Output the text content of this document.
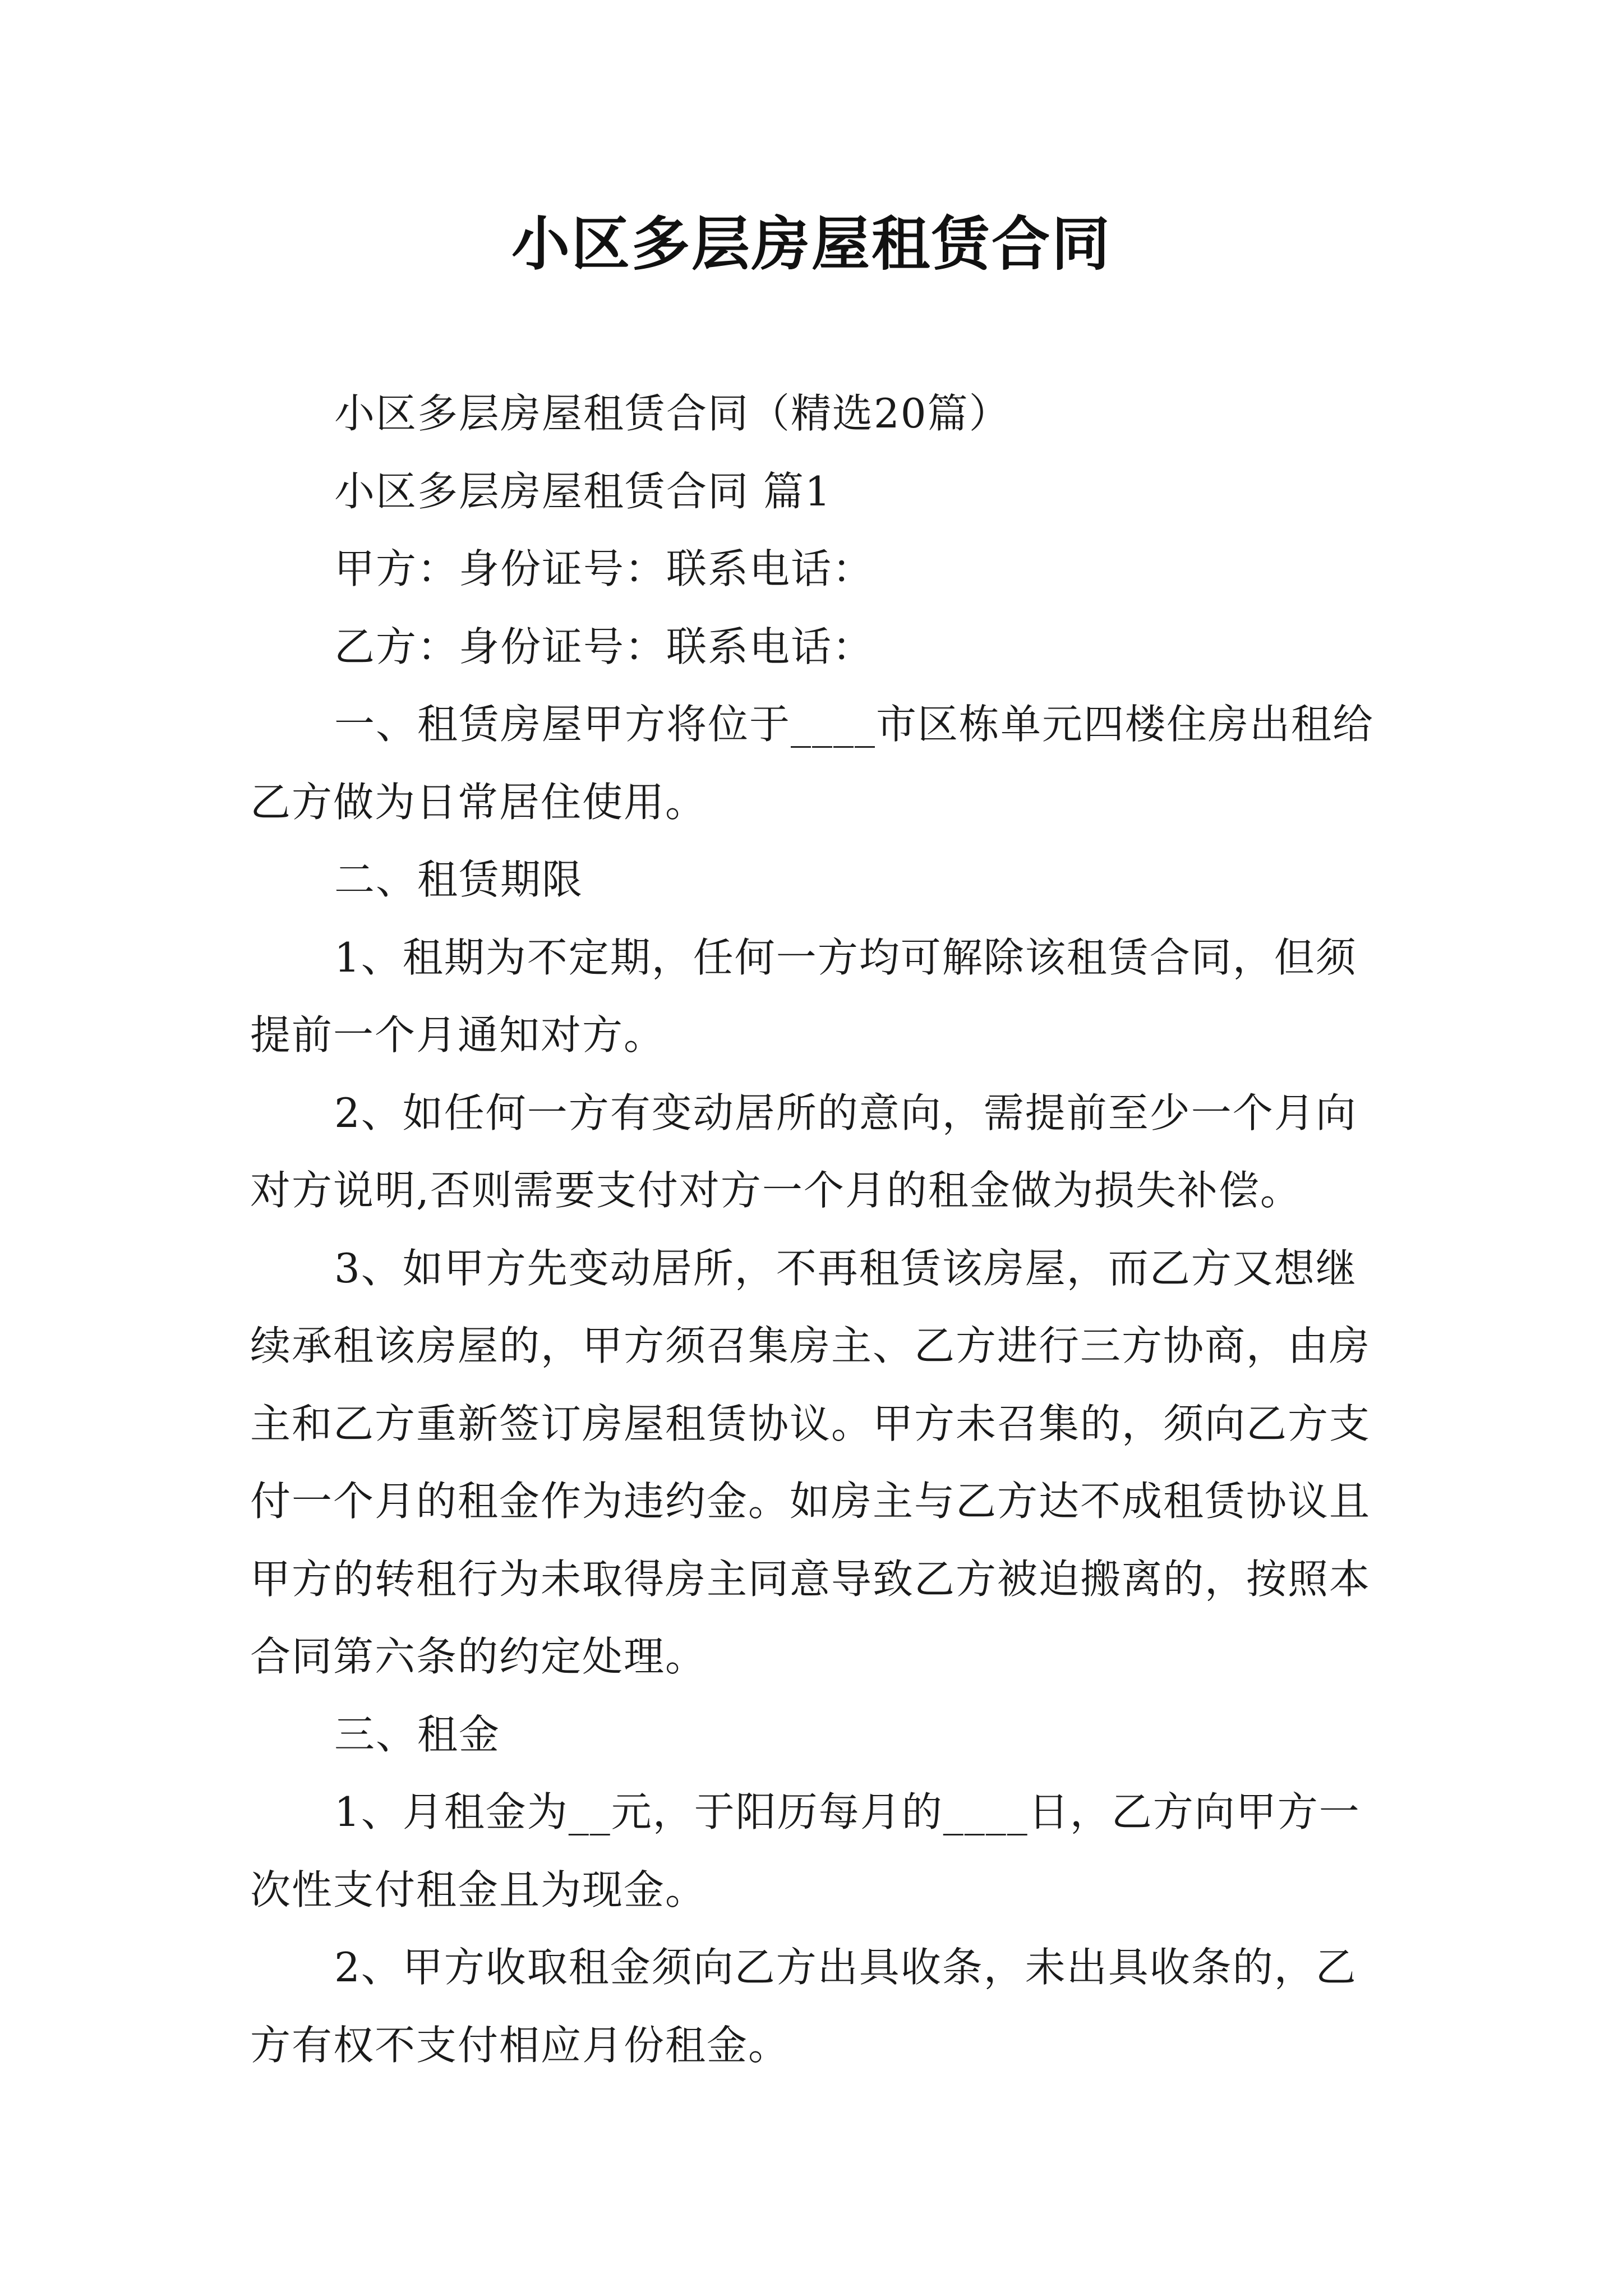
小区多层房屋租赁合同

小区多层房屋租赁合同（精选20篇）

小区多层房屋租赁合同 篇1

甲方：身份证号：联系电话：

乙方：身份证号：联系电话：

一、租赁房屋甲方将位于____市区栋单元四楼住房出租给乙方做为日常居住使用。

二、租赁期限

1、租期为不定期，任何一方均可解除该租赁合同，但须提前一个月通知对方。

2、如任何一方有变动居所的意向，需提前至少一个月向对方说明,否则需要支付对方一个月的租金做为损失补偿。

3、如甲方先变动居所，不再租赁该房屋，而乙方又想继续承租该房屋的，甲方须召集房主、乙方进行三方协商，由房主和乙方重新签订房屋租赁协议。甲方未召集的，须向乙方支付一个月的租金作为违约金。如房主与乙方达不成租赁协议且甲方的转租行为未取得房主同意导致乙方被迫搬离的，按照本合同第六条的约定处理。

三、租金

1、月租金为__元，于阳历每月的____日，乙方向甲方一次性支付租金且为现金。

2、甲方收取租金须向乙方出具收条，未出具收条的，乙方有权不支付相应月份租金。
